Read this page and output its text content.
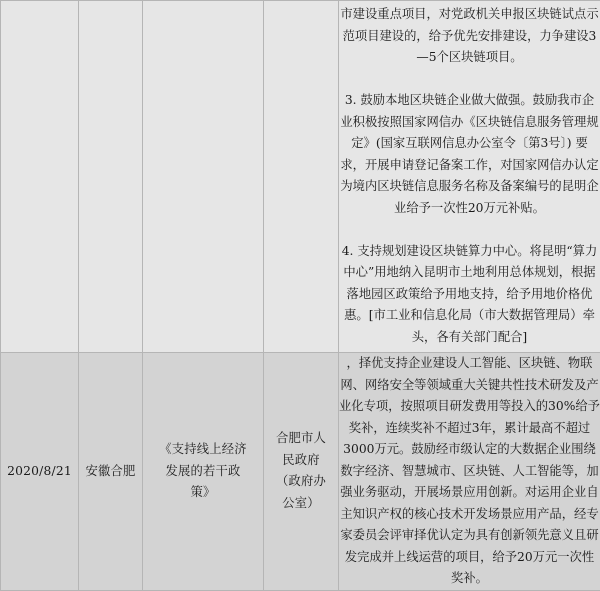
				市建设重点项目，对党政机关申报区块链试点示范项目建设的，给予优先安排建设，力争建设3—5个区块链项目。

3. 鼓励本地区块链企业做大做强。鼓励我市企业积极按照国家网信办《区块链信息服务管理规定》(国家互联网信息办公室令〔第3号〕) 要求，开展申请登记备案工作，对国家网信办认定为境内区块链信息服务名称及备案编号的昆明企业给予一次性20万元补贴。

4. 支持规划建设区块链算力中心。将昆明“算力中心”用地纳入昆明市土地利用总体规划，根据落地园区政策给予用地支持，给予用地价格优惠。[市工业和信息化局（市大数据管理局）牵头，各有关部门配合]

2020/8/21	安徽合肥	《支持线上经济发展的若干政策》	合肥市人民政府（政府办公室）	，择优支持企业建设人工智能、区块链、物联网、网络安全等领域重大关键共性技术研发及产业化专项，按照项目研发费用等投入的30%给予奖补，连续奖补不超过3年，累计最高不超过3000万元。鼓励经市级认定的大数据企业围绕数字经济、智慧城市、区块链、人工智能等，加强业务驱动，开展场景应用创新。对运用企业自主知识产权的核心技术开发场景应用产品，经专家委员会评审择优认定为具有创新领先意义且研发完成并上线运营的项目，给予20万元一次性奖补。
